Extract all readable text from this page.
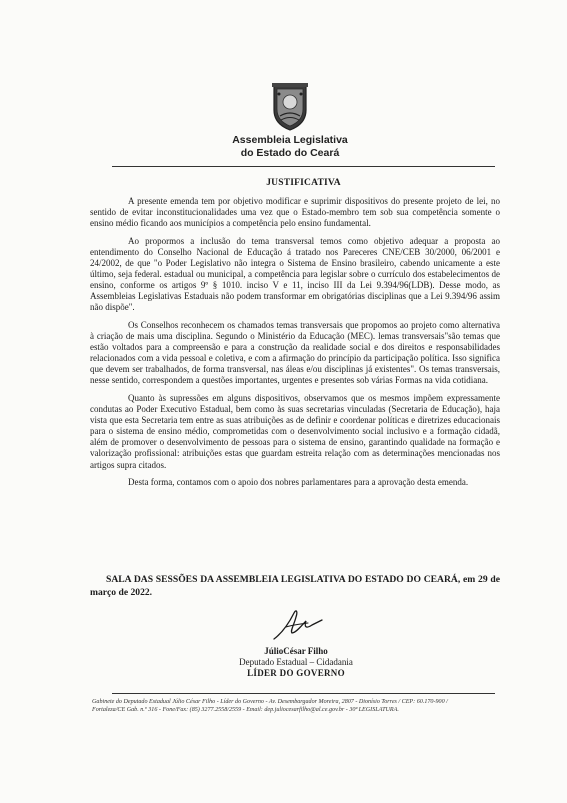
Assembleia Legislativa
do Estado do Ceará
JUSTIFICATIVA

A presente emenda tem por objetivo modificar e suprimir dispositivos do presente projeto de lei, no sentido de evitar inconstitucionalidades uma vez que o Estado-membro tem sob sua competência somente o ensino médio ficando aos municípios a competência pelo ensino fundamental.

Ao propormos a inclusão do tema transversal temos como objetivo adequar a proposta ao entendimento do Conselho Nacional de Educação á tratado nos Pareceres CNE/CEB 30/2000, 06/2001 e 24/2002, de que "o Poder Legislativo não integra o Sistema de Ensino brasileiro, cabendo unicamente a este último, seja federal. estadual ou municipal, a competência para legislar sobre o currículo dos estabelecimentos de ensino, conforme os artigos 9º § 1010. inciso V e 11, inciso III da Lei 9.394/96(LDB). Desse modo, as Assembleias Legislativas Estaduais não podem transformar em obrigatórias disciplinas que a Lei 9.394/96 assim não dispõe".

Os Conselhos reconhecem os chamados temas transversais que propomos ao projeto como alternativa à criação de mais uma disciplina. Segundo o Ministério da Educação (MEC). lemas transversais"são temas que estão voltados para a compreensão e para a construção da realidade social e dos direitos e responsabilidades relacionados com a vida pessoal e coletiva, e com a afirmação do princípio da participação política. Isso significa que devem ser trabalhados, de forma transversal, nas áleas e/ou disciplinas já existentes". Os temas transversais, nesse sentido, correspondem a questões importantes, urgentes e presentes sob várias Formas na vida cotidiana.

Quanto às supressões em alguns dispositivos, observamos que os mesmos impõem expressamente condutas ao Poder Executivo Estadual, bem como às suas secretarias vinculadas (Secretaria de Educação), haja vista que esta Secretaria tem entre as suas atribuições as de definir e coordenar políticas e diretrizes educacionais para o sistema de ensino médio, comprometidas com o desenvolvimento social inclusivo e a formação cidadã, além de promover o desenvolvimento de pessoas para o sistema de ensino, garantindo qualidade na formação e valorização profissional: atribuições estas que guardam estreita relação com as determinações mencionadas nos artigos supra citados.

Desta forma, contamos com o apoio dos nobres parlamentares para a aprovação desta emenda.

SALA DAS SESSÕES DA ASSEMBLEIA LEGISLATIVA DO ESTADO DO CEARÁ, em 29 de março de 2022.
JúlioCésar Filho
Deputado Estadual – Cidadania
LÍDER DO GOVERNO
Gabinete do Deputado Estadual Júlio César Filho - Líder do Governo - Av. Desembargador Moreira, 2807 - Dionísio Torres / CEP: 60.170-900 /
Fortaleza/CE Gab. n.º 316 - Fone/Fax: (85) 3277.2558/2559 - Email: dep.juliocesarfilho@al.ce.gov.br - 30ª LEGISLATURA.
